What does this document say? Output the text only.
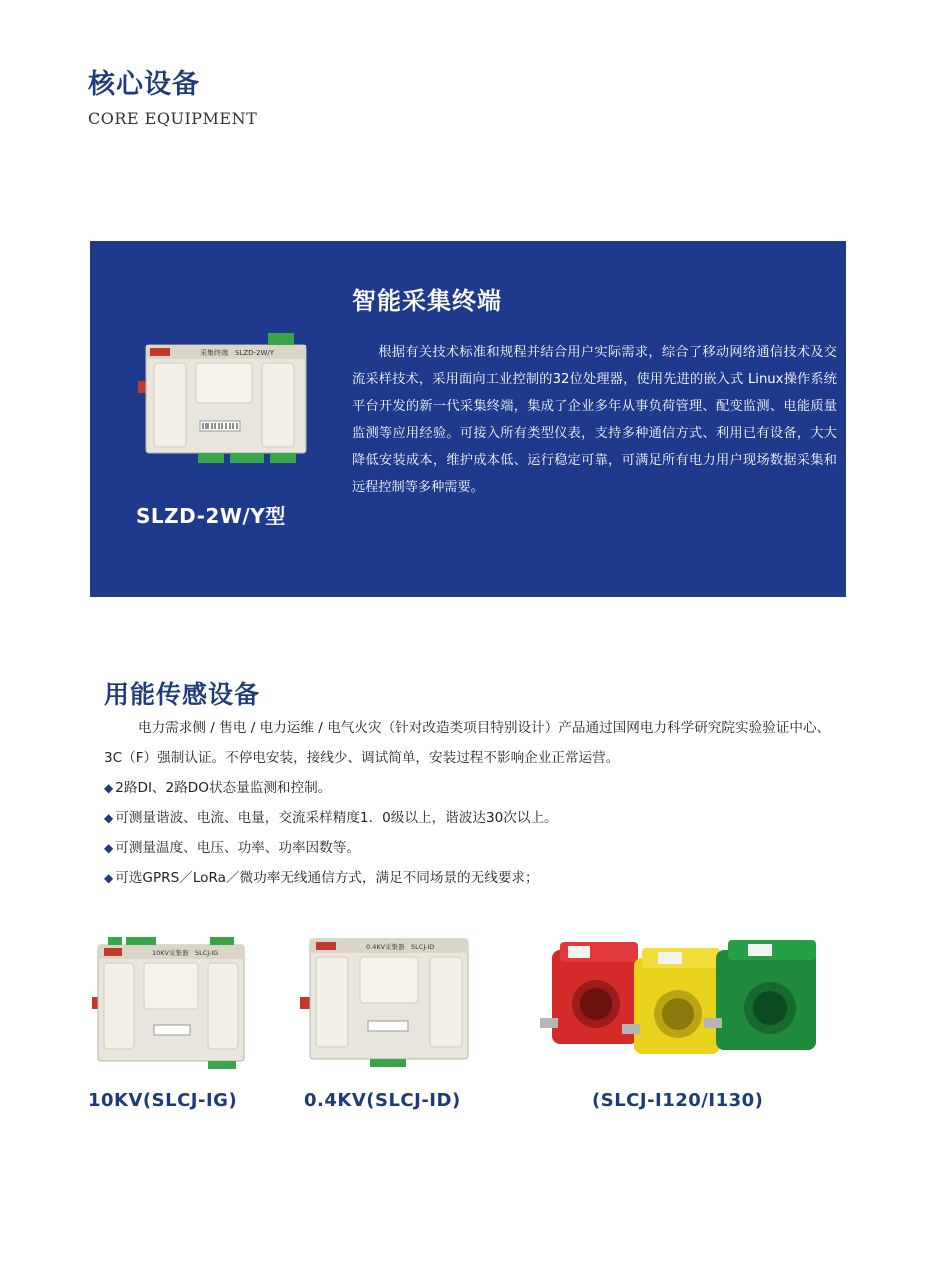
核心设备
CORE EQUIPMENT
采集终端　SLZD-2W/Y
智能采集终端
根据有关技术标准和规程并结合用户实际需求，综合了移动网络通信技术及交流采样技术，采用面向工业控制的32位处理器，使用先进的嵌入式 Linux操作系统平台开发的新一代采集终端，集成了企业多年从事负荷管理、配变监测、电能质量监测等应用经验。可接入所有类型仪表，支持多种通信方式、利用已有设备，大大降低安装成本，维护成本低、运行稳定可靠，可满足所有电力用户现场数据采集和远程控制等多种需要。
SLZD-2W/Y型
用能传感设备
电力需求侧 / 售电 / 电力运维 / 电气火灾（针对改造类项目特别设计）产品通过国网电力科学研究院实验验证中心、3C（F）强制认证。不停电安装，接线少、调试简单，安装过程不影响企业正常运营。
◆ 2路DI、2路DO状态量监测和控制。
◆ 可测量谐波、电流、电量，交流采样精度1．0级以上，谐波达30次以上。
◆ 可测量温度、电压、功率、功率因数等。
◆ 可选GPRS／LoRa／微功率无线通信方式，满足不同场景的无线要求；
10KV采集器　SLCJ-IG
10KV(SLCJ-IG)
0.4KV采集器　SLCJ-ID
0.4KV(SLCJ-ID)	(SLCJ-I120/I130)
